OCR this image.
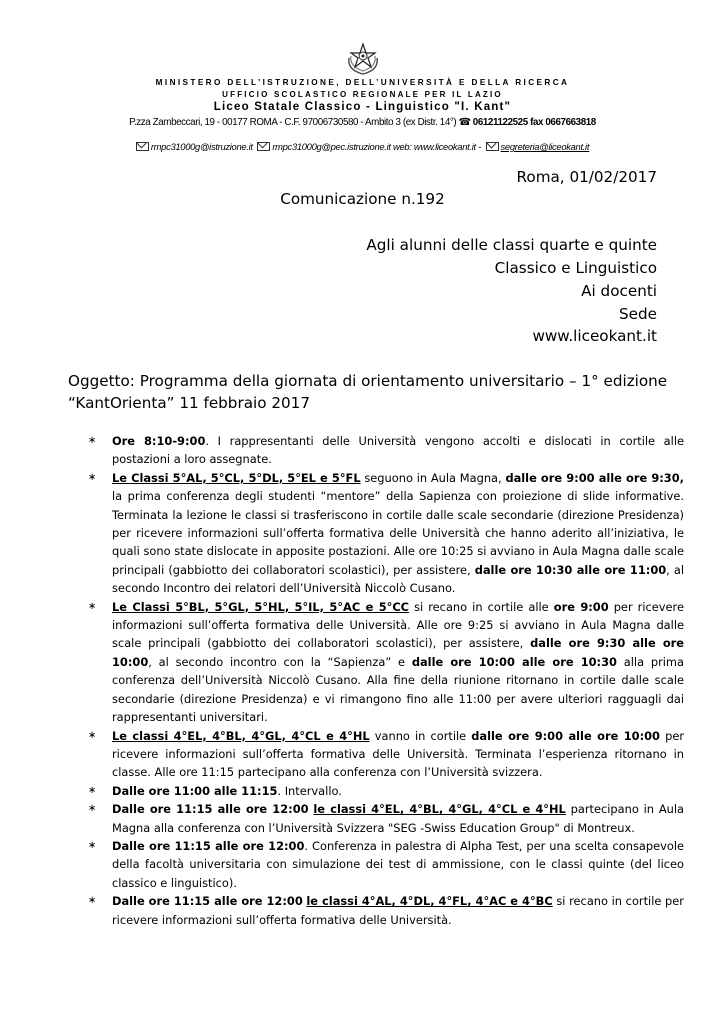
MINISTERO DELL’ISTRUZIONE, DELL’UNIVERSITÀ E DELLA RICERCA
UFFICIO SCOLASTICO REGIONALE PER IL LAZIO
Liceo Statale Classico - Linguistico "I. Kant"
P.zza Zambeccari, 19 - 00177 ROMA - C.F. 97006730580 - Ambito 3 (ex Distr. 14°) ☎ 06121122525 fax 0667663818
rmpc31000g@istruzione.it rmpc31000g@pec.istruzione.it web: www.liceokant.it - segreteria@liceokant.it
Roma, 01/02/2017
Comunicazione n.192
Agli alunni delle classi quarte e quinte
Classico e Linguistico
Ai docenti
Sede
www.liceokant.it
Oggetto: Programma della giornata di orientamento universitario – 1° edizione
“KantOrienta” 11 febbraio 2017
∗ Ore 8:10-9:00. I rappresentanti delle Università vengono accolti e dislocati in cortile alle postazioni a loro assegnate.
∗ Le Classi 5°AL, 5°CL, 5°DL, 5°EL e 5°FL seguono in Aula Magna, dalle ore 9:00 alle ore 9:30, la prima conferenza degli studenti “mentore” della Sapienza con proiezione di slide informative. Terminata la lezione le classi si trasferiscono in cortile dalle scale secondarie (direzione Presidenza) per ricevere informazioni sull’offerta formativa delle Università che hanno aderito all’iniziativa, le quali sono state dislocate in apposite postazioni. Alle ore 10:25 si avviano in Aula Magna dalle scale principali (gabbiotto dei collaboratori scolastici), per assistere, dalle ore 10:30 alle ore 11:00, al secondo Incontro dei relatori dell’Università Niccolò Cusano.
∗ Le Classi 5°BL, 5°GL, 5°HL, 5°IL, 5°AC e 5°CC si recano in cortile alle ore 9:00 per ricevere informazioni sull’offerta formativa delle Università. Alle ore 9:25 si avviano in Aula Magna dalle scale principali (gabbiotto dei collaboratori scolastici), per assistere, dalle ore 9:30 alle ore 10:00, al secondo incontro con la “Sapienza” e dalle ore 10:00 alle ore 10:30 alla prima conferenza dell’Università Niccolò Cusano. Alla fine della riunione ritornano in cortile dalle scale secondarie (direzione Presidenza) e vi rimangono fino alle 11:00 per avere ulteriori ragguagli dai rappresentanti universitari.
∗ Le classi 4°EL, 4°BL, 4°GL, 4°CL e 4°HL vanno in cortile dalle ore 9:00 alle ore 10:00 per ricevere informazioni sull’offerta formativa delle Università. Terminata l’esperienza ritornano in classe. Alle ore 11:15 partecipano alla conferenza con l’Università svizzera.
∗ Dalle ore 11:00 alle 11:15. Intervallo.
∗ Dalle ore 11:15 alle ore 12:00 le classi 4°EL, 4°BL, 4°GL, 4°CL e 4°HL partecipano in Aula Magna alla conferenza con l’Università Svizzera "SEG -Swiss Education Group" di Montreux.
∗ Dalle ore 11:15 alle ore 12:00. Conferenza in palestra di Alpha Test, per una scelta consapevole della facoltà universitaria con simulazione dei test di ammissione, con le classi quinte (del liceo classico e linguistico).
∗ Dalle ore 11:15 alle ore 12:00 le classi 4°AL, 4°DL, 4°FL, 4°AC e 4°BC si recano in cortile per ricevere informazioni sull’offerta formativa delle Università.
